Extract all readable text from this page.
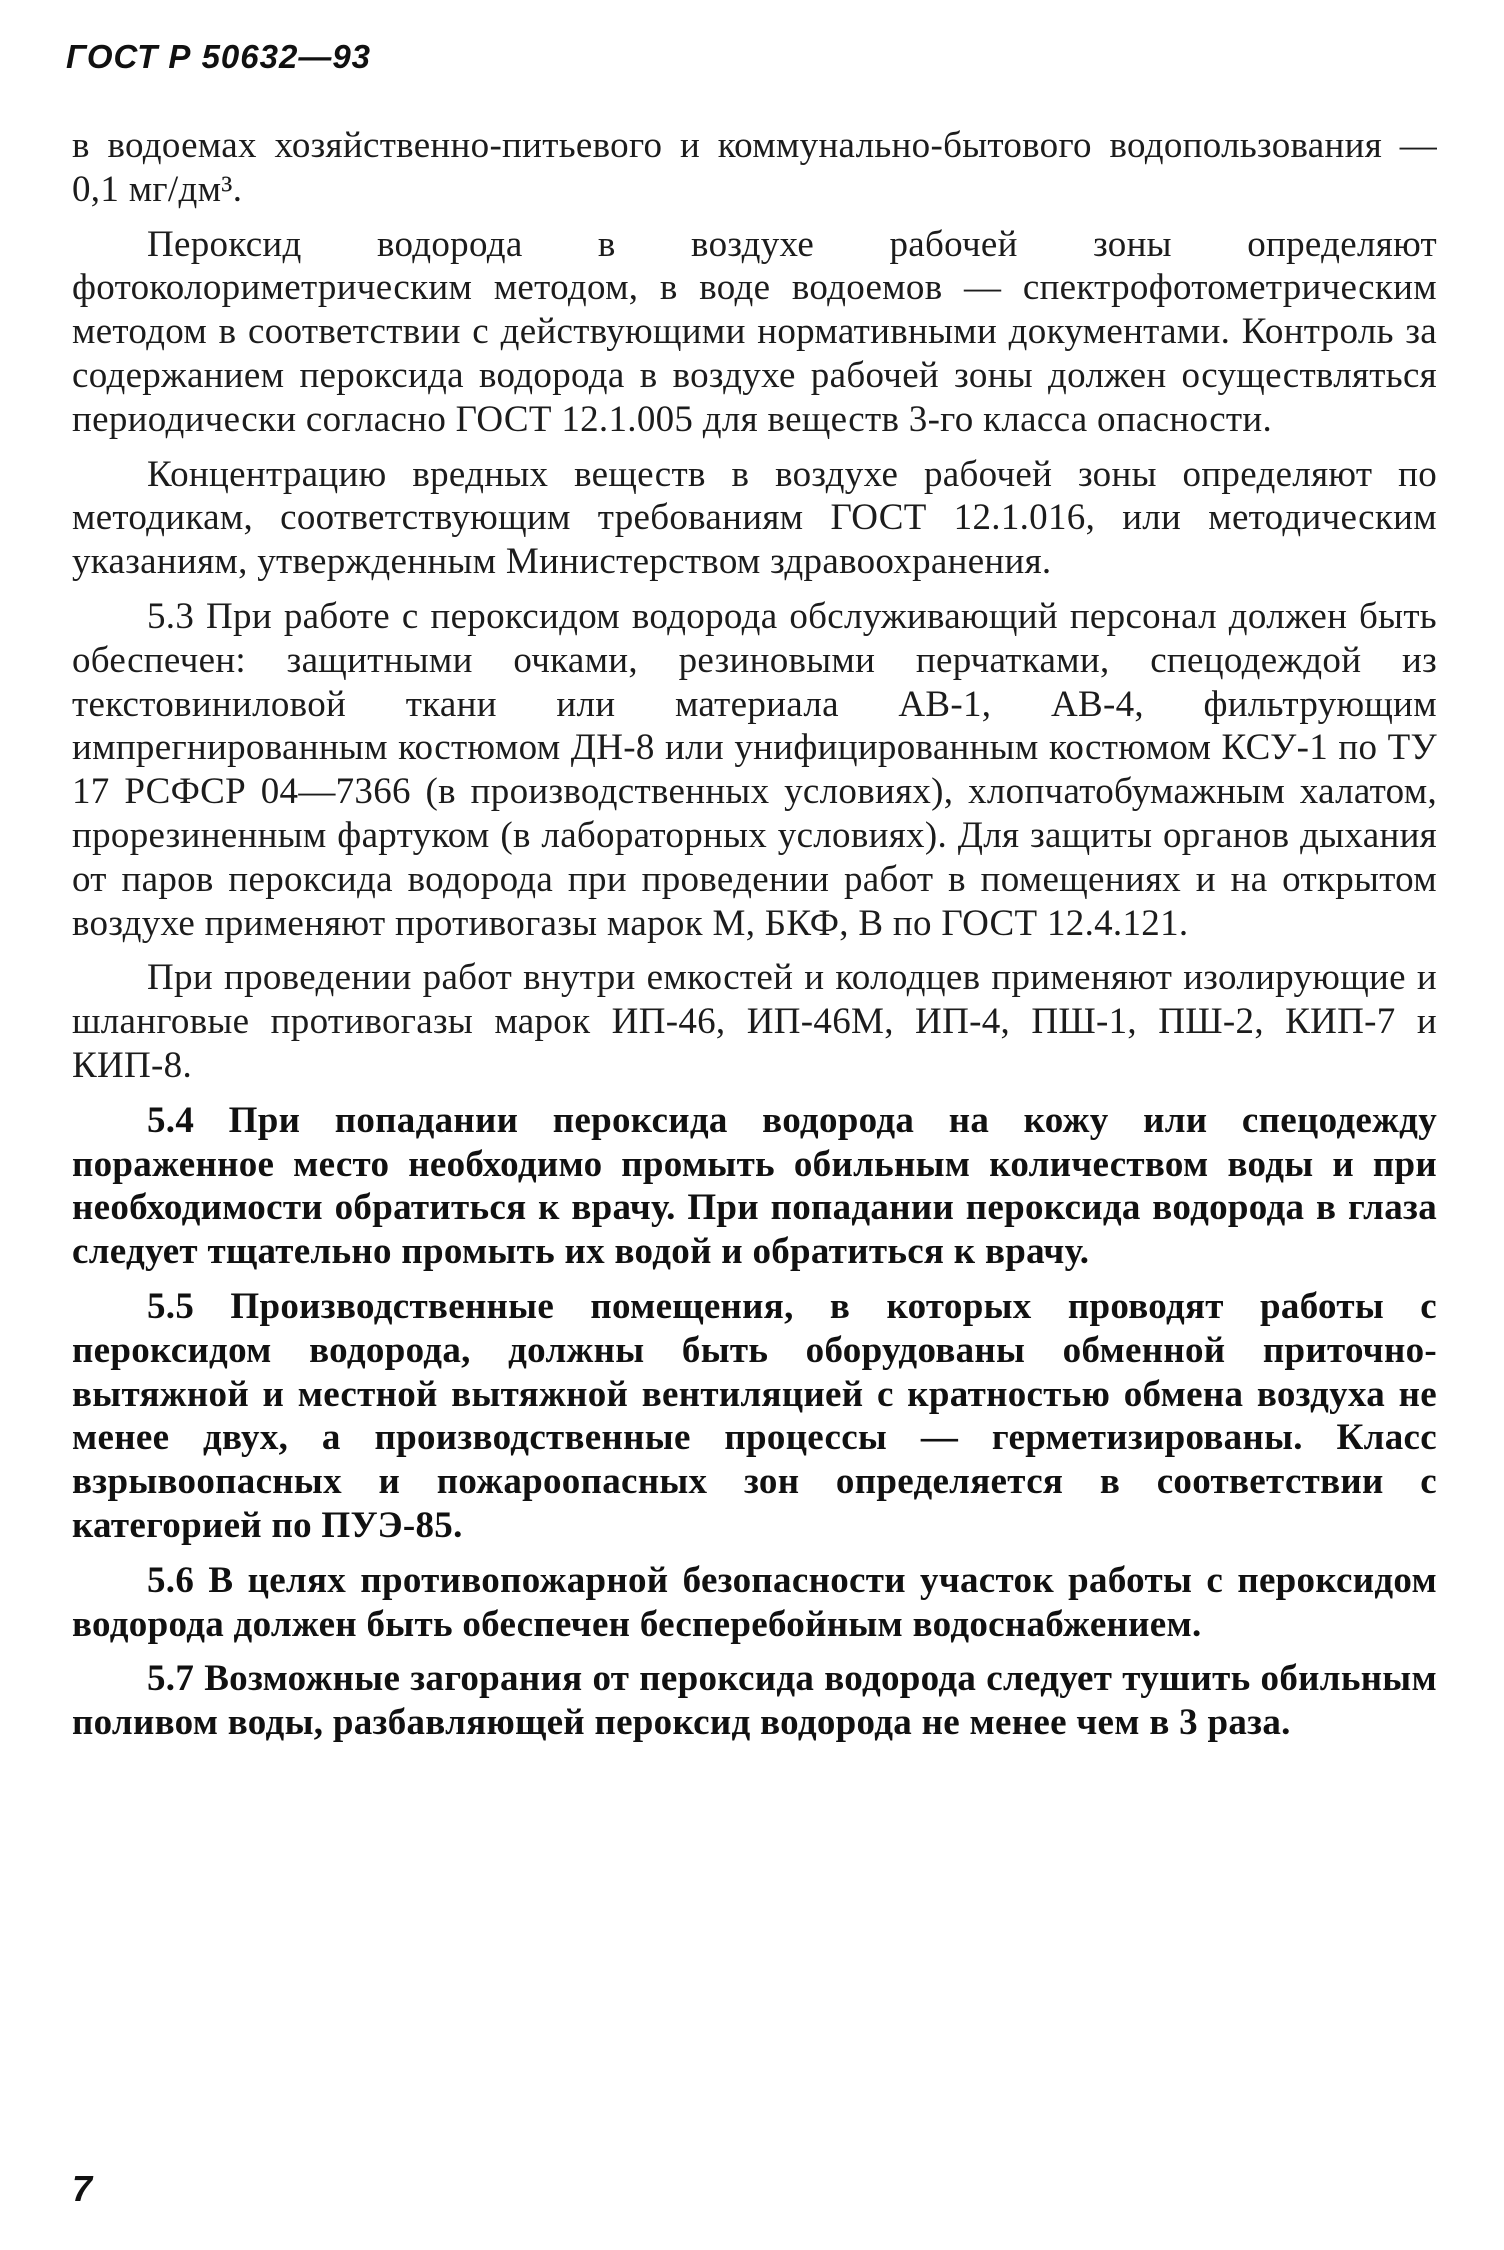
ГОСТ Р 50632—93

в водоемах хозяйственно-питьевого и коммунально-бытового водопользования — 0,1 мг/дм³.

Пероксид водорода в воздухе рабочей зоны определяют фотоколориметрическим методом, в воде водоемов — спектрофотометрическим методом в соответствии с действующими нормативными документами. Контроль за содержанием пероксида водорода в воздухе рабочей зоны должен осуществляться периодически согласно ГОСТ 12.1.005 для веществ 3-го класса опасности.

Концентрацию вредных веществ в воздухе рабочей зоны определяют по методикам, соответствующим требованиям ГОСТ 12.1.016, или методическим указаниям, утвержденным Министерством здравоохранения.

5.3 При работе с пероксидом водорода обслуживающий персонал должен быть обеспечен: защитными очками, резиновыми перчатками, спецодеждой из текстовиниловой ткани или материала АВ-1, АВ-4, фильтрующим импрегнированным костюмом ДН-8 или унифицированным костюмом КСУ-1 по ТУ 17 РСФСР 04—7366 (в производственных условиях), хлопчатобумажным халатом, прорезиненным фартуком (в лабораторных условиях). Для защиты органов дыхания от паров пероксида водорода при проведении работ в помещениях и на открытом воздухе применяют противогазы марок М, БКФ, В по ГОСТ 12.4.121.

При проведении работ внутри емкостей и колодцев применяют изолирующие и шланговые противогазы марок ИП-46, ИП-46М, ИП-4, ПШ-1, ПШ-2, КИП-7 и КИП-8.

5.4 При попадании пероксида водорода на кожу или спецодежду пораженное место необходимо промыть обильным количеством воды и при необходимости обратиться к врачу. При попадании пероксида водорода в глаза следует тщательно промыть их водой и обратиться к врачу.

5.5 Производственные помещения, в которых проводят работы с пероксидом водорода, должны быть оборудованы обменной приточно-вытяжной и местной вытяжной вентиляцией с кратностью обмена воздуха не менее двух, а производственные процессы — герметизированы. Класс взрывоопасных и пожароопасных зон определяется в соответствии с категорией по ПУЭ-85.

5.6 В целях противопожарной безопасности участок работы с пероксидом водорода должен быть обеспечен бесперебойным водоснабжением.

5.7 Возможные загорания от пероксида водорода следует тушить обильным поливом воды, разбавляющей пероксид водорода не менее чем в 3 раза.

7
